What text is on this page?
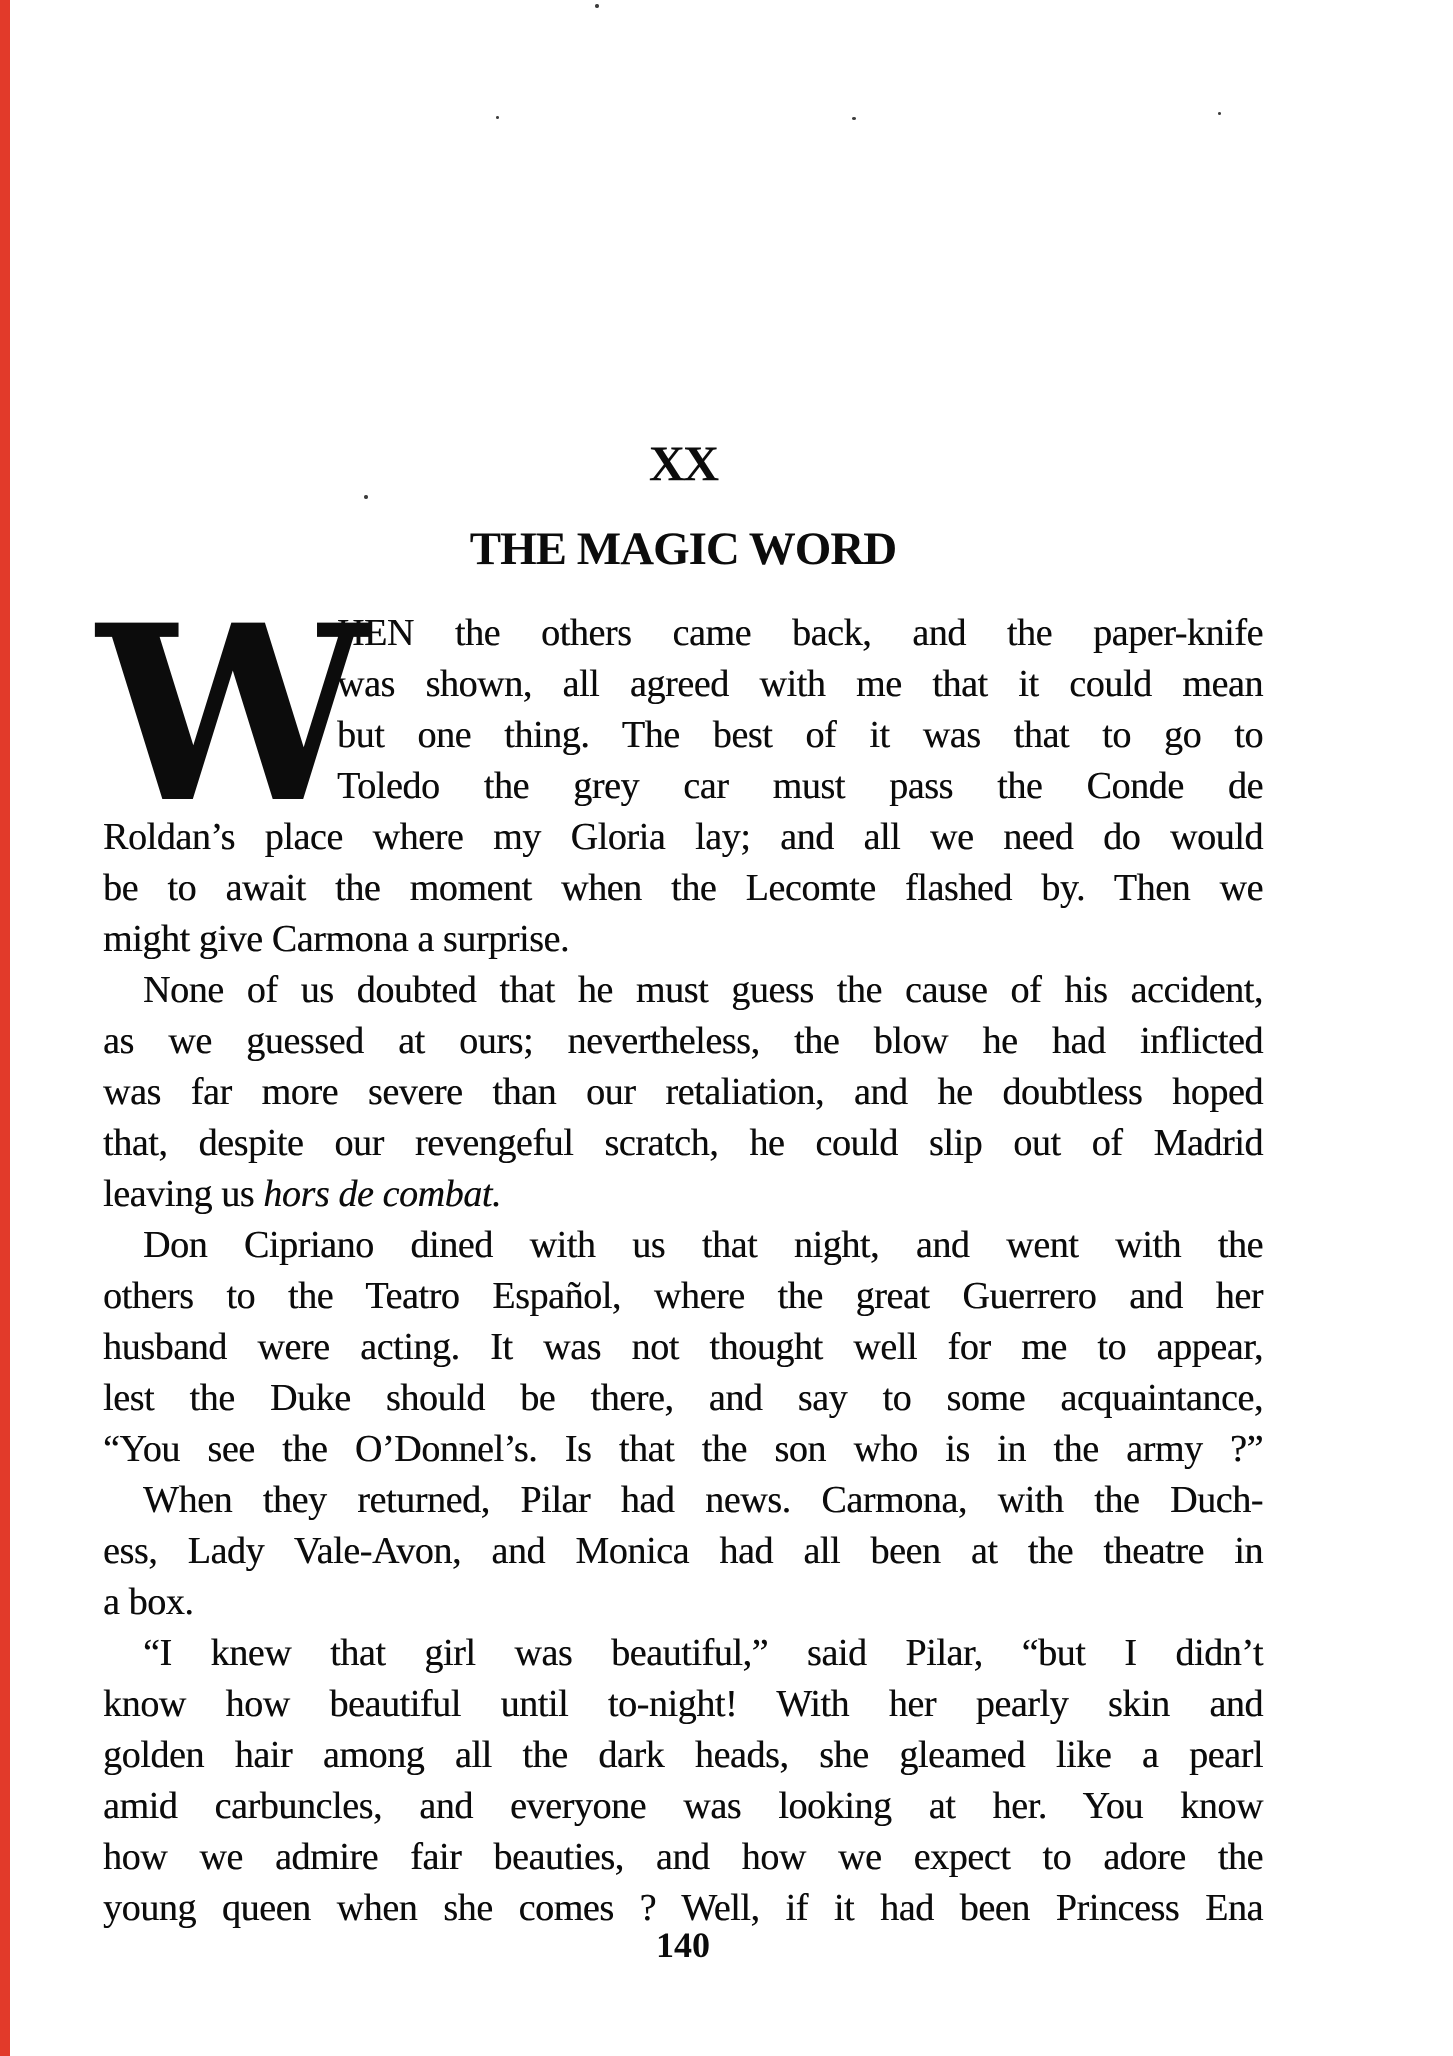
XX
THE MAGIC WORD
W
HEN the others came back, and the paper-knife
was shown, all agreed with me that it could mean
but one thing. The best of it was that to go to
Toledo the grey car must pass the Conde de
Roldan’s place where my Gloria lay; and all we need do would
be to await the moment when the Lecomte flashed by. Then we
might give Carmona a surprise.
None of us doubted that he must guess the cause of his accident,
as we guessed at ours; nevertheless, the blow he had inflicted
was far more severe than our retaliation, and he doubtless hoped
that, despite our revengeful scratch, he could slip out of Madrid
leaving us hors de combat.
Don Cipriano dined with us that night, and went with the
others to the Teatro Español, where the great Guerrero and her
husband were acting. It was not thought well for me to appear,
lest the Duke should be there, and say to some acquaintance,
“You see the O’Donnel’s. Is that the son who is in the army ?”
When they returned, Pilar had news. Carmona, with the Duch-
ess, Lady Vale-Avon, and Monica had all been at the theatre in
a box.
“I knew that girl was beautiful,” said Pilar, “but I didn’t
know how beautiful until to-night! With her pearly skin and
golden hair among all the dark heads, she gleamed like a pearl
amid carbuncles, and everyone was looking at her. You know
how we admire fair beauties, and how we expect to adore the
young queen when she comes ? Well, if it had been Princess Ena
140
